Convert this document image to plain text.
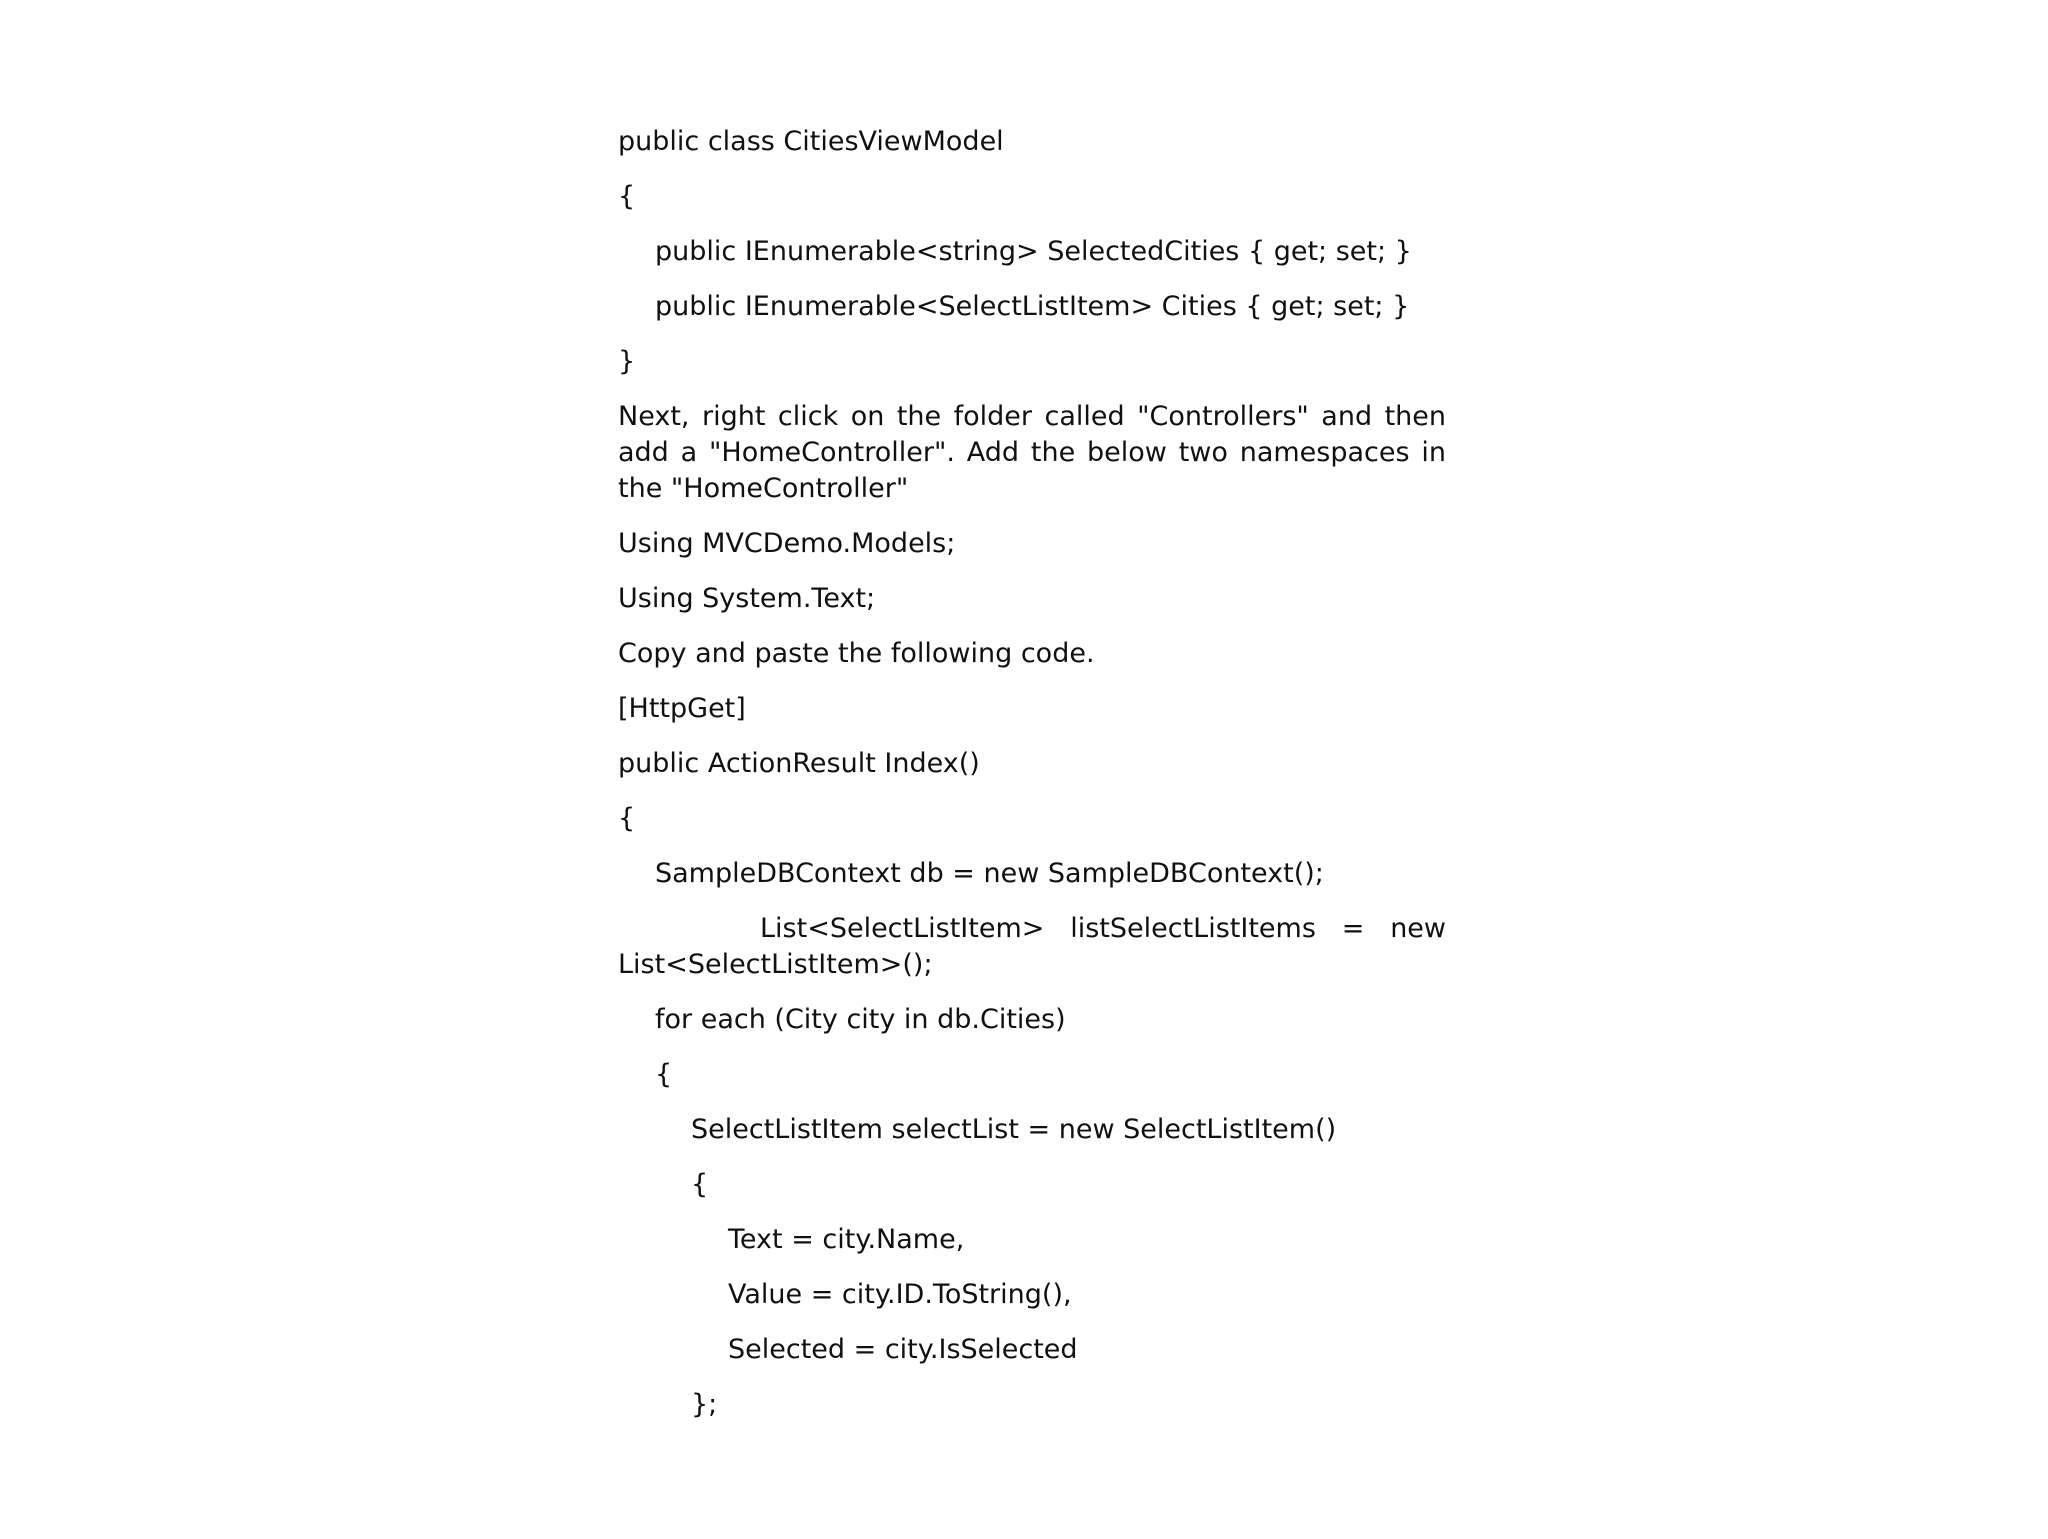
public class CitiesViewModel
{
public IEnumerable<string> SelectedCities { get; set; }
public IEnumerable<SelectListItem> Cities { get; set; }
}
Next, right click on the folder called "Controllers" and then add a "HomeController". Add the below two namespaces in the "HomeController"
Using MVCDemo.Models;
Using System.Text;
Copy and paste the following code.
[HttpGet]
public ActionResult Index()
{
SampleDBContext db = new SampleDBContext();
List<SelectListItem> listSelectListItems = new List<SelectListItem>();
for each (City city in db.Cities)
{
SelectListItem selectList = new SelectListItem()
{
Text = city.Name,
Value = city.ID.ToString(),
Selected = city.IsSelected
};
